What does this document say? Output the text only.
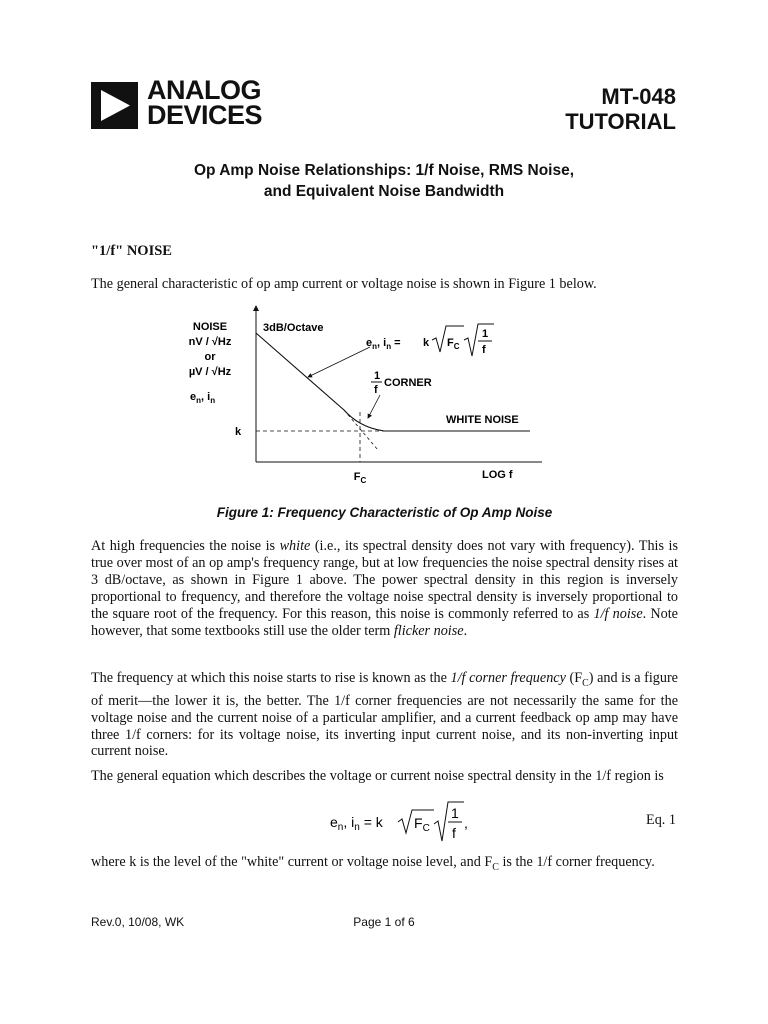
ANALOG
DEVICES
MT-048
TUTORIAL
Op Amp Noise Relationships: 1/f Noise, RMS Noise,
and Equivalent Noise Bandwidth
"1/f" NOISE
The general characteristic of op amp current or voltage noise is shown in Figure 1 below.
NOISE
nV / √Hz
or
µV / √Hz
$e_n$, $i_n$
3dB/Octave
$e_n$, $i_n = k$ $F_C$
1
f
1
f
CORNER
WHITE NOISE
k
$F_C$	LOG f
Figure 1: Frequency Characteristic of Op Amp Noise

At high frequencies the noise is white (i.e., its spectral density does not vary with frequency). This is true over most of an op amp's frequency range, but at low frequencies the noise spectral density rises at 3 dB/octave, as shown in Figure 1 above. The power spectral density in this region is inversely proportional to frequency, and therefore the voltage noise spectral density is inversely proportional to the square root of the frequency. For this reason, this noise is commonly referred to as 1/f noise. Note however, that some textbooks still use the older term flicker noise.

The frequency at which this noise starts to rise is known as the 1/f corner frequency $(F_C)$ and is a figure of merit—the lower it is, the better. The 1/f corner frequencies are not necessarily the same for the voltage noise and the current noise of a particular amplifier, and a current feedback op amp may have three 1/f corners: for its voltage noise, its inverting input current noise, and its non-inverting input current noise.

The general equation which describes the voltage or current noise spectral density in the 1/f region is
$e_n$, $i_n = k$ $F_C$
1
f
,	Eq. 1

where k is the level of the "white" current or voltage noise level, and $F_C$ is the 1/f corner frequency.

Rev.0, 10/08, WK	Page 1 of 6
